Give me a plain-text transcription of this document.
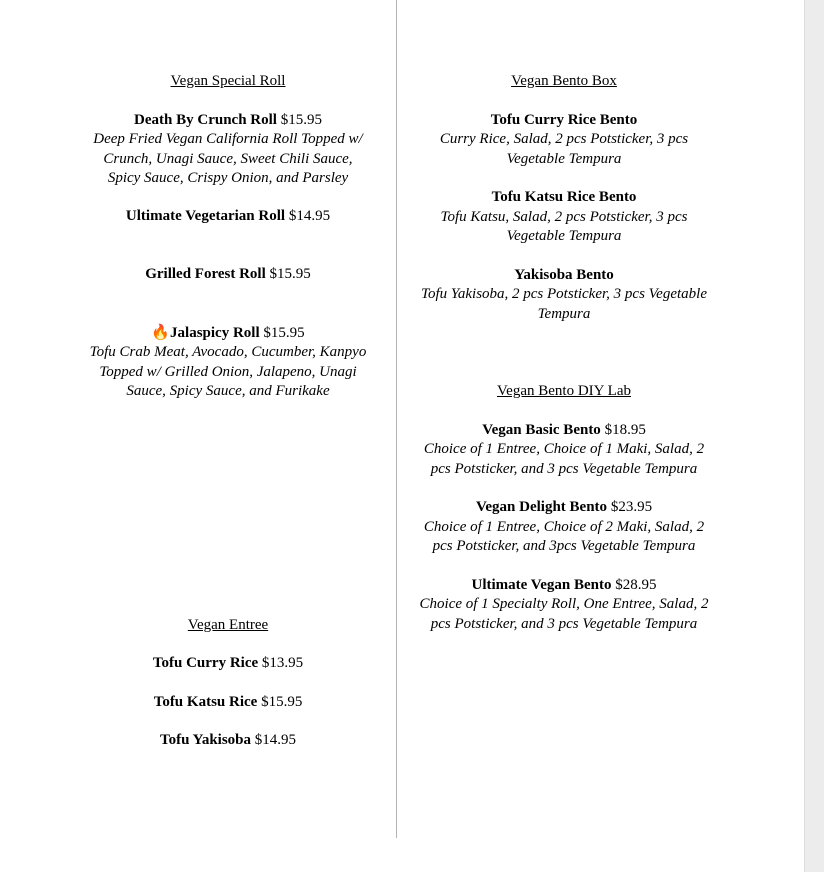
Vegan Special Roll

Death By Crunch Roll $15.95
Deep Fried Vegan California Roll Topped w/ Crunch, Unagi Sauce, Sweet Chili Sauce, Spicy Sauce, Crispy Onion, and Parsley

Ultimate Vegetarian Roll $14.95

Grilled Forest Roll $15.95

🔥Jalaspicy Roll $15.95
Tofu Crab Meat, Avocado, Cucumber, Kanpyo Topped w/ Grilled Onion, Jalapeno, Unagi Sauce, Spicy Sauce, and Furikake

Vegan Entree

Tofu Curry Rice $13.95

Tofu Katsu Rice $15.95

Tofu Yakisoba $14.95

Vegan Bento Box

Tofu Curry Rice Bento
Curry Rice, Salad, 2 pcs Potsticker, 3 pcs Vegetable Tempura

Tofu Katsu Rice Bento
Tofu Katsu, Salad, 2 pcs Potsticker, 3 pcs Vegetable Tempura

Yakisoba Bento
Tofu Yakisoba, 2 pcs Potsticker, 3 pcs Vegetable Tempura

Vegan Bento DIY Lab

Vegan Basic Bento $18.95
Choice of 1 Entree, Choice of 1 Maki, Salad, 2 pcs Potsticker, and 3 pcs Vegetable Tempura

Vegan Delight Bento $23.95
Choice of 1 Entree, Choice of 2 Maki, Salad, 2 pcs Potsticker, and 3pcs Vegetable Tempura

Ultimate Vegan Bento $28.95
Choice of 1 Specialty Roll, One Entree, Salad, 2 pcs Potsticker, and 3 pcs Vegetable Tempura
